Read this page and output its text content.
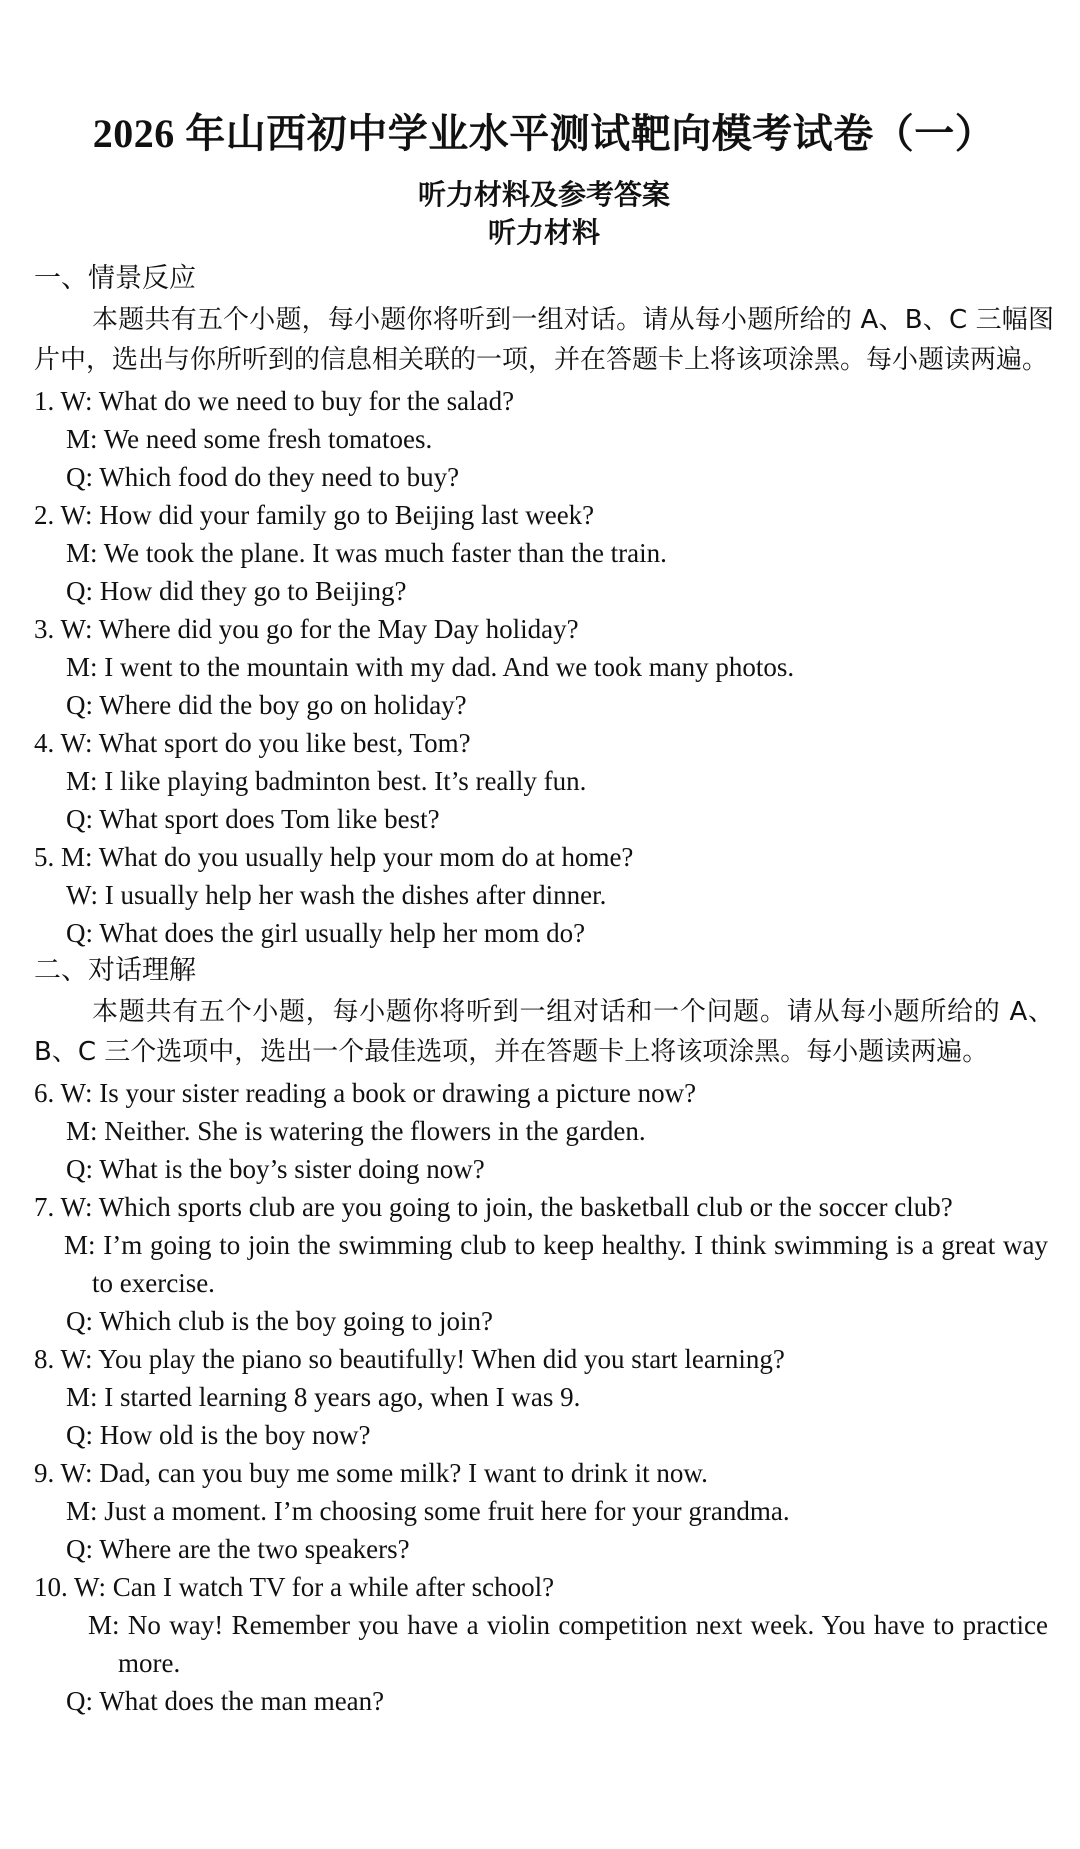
2026 年山西初中学业水平测试靶向模考试卷（一）
听力材料及参考答案
听力材料
一、情景反应
本题共有五个小题，每小题你将听到一组对话。请从每小题所给的 A、B、C 三幅图片中，选出与你所听到的信息相关联的一项，并在答题卡上将该项涂黑。每小题读两遍。
1. W: What do we need to buy for the salad?
M: We need some fresh tomatoes.
Q: Which food do they need to buy?
2. W: How did your family go to Beijing last week?
M: We took the plane. It was much faster than the train.
Q: How did they go to Beijing?
3. W: Where did you go for the May Day holiday?
M: I went to the mountain with my dad. And we took many photos.
Q: Where did the boy go on holiday?
4. W: What sport do you like best, Tom?
M: I like playing badminton best. It’s really fun.
Q: What sport does Tom like best?
5. M: What do you usually help your mom do at home?
W: I usually help her wash the dishes after dinner.
Q: What does the girl usually help her mom do?
二、对话理解
本题共有五个小题，每小题你将听到一组对话和一个问题。请从每小题所给的 A、B、C 三个选项中，选出一个最佳选项，并在答题卡上将该项涂黑。每小题读两遍。
6. W: Is your sister reading a book or drawing a picture now?
M: Neither. She is watering the flowers in the garden.
Q: What is the boy’s sister doing now?
7. W: Which sports club are you going to join, the basketball club or the soccer club?
M: I’m going to join the swimming club to keep healthy. I think swimming is a great way to exercise.
Q: Which club is the boy going to join?
8. W: You play the piano so beautifully! When did you start learning?
M: I started learning 8 years ago, when I was 9.
Q: How old is the boy now?
9. W: Dad, can you buy me some milk? I want to drink it now.
M: Just a moment. I’m choosing some fruit here for your grandma.
Q: Where are the two speakers?
10. W: Can I watch TV for a while after school?
M: No way! Remember you have a violin competition next week. You have to practice more.
Q: What does the man mean?
